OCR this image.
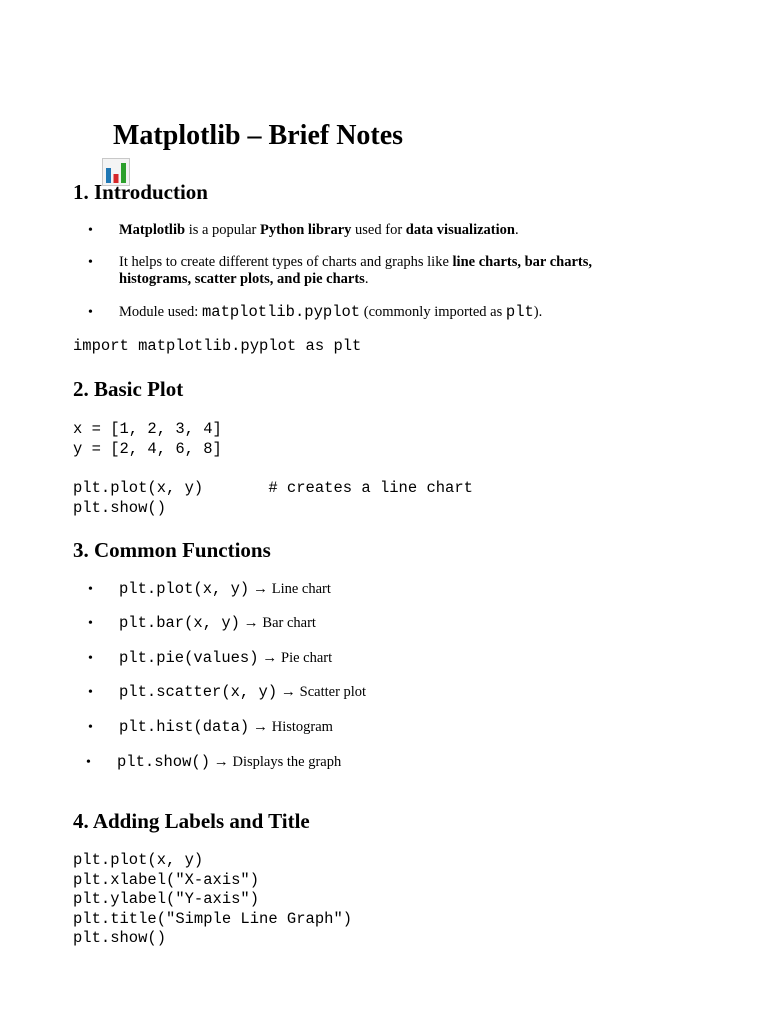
Matplotlib – Brief Notes
1. Introduction
• Matplotlib is a popular Python library used for data visualization.
• It helps to create different types of charts and graphs like line charts, bar charts,
histograms, scatter plots, and pie charts.
• Module used: matplotlib.pyplot (commonly imported as plt).
import matplotlib.pyplot as plt
2. Basic Plot
x = [1, 2, 3, 4]
y = [2, 4, 6, 8]
plt.plot(x, y)       # creates a line chart
plt.show()
3. Common Functions
• plt.plot(x, y) → Line chart
• plt.bar(x, y) → Bar chart
• plt.pie(values) → Pie chart
• plt.scatter(x, y) → Scatter plot
• plt.hist(data) → Histogram
• plt.show() → Displays the graph
4. Adding Labels and Title
plt.plot(x, y)
plt.xlabel("X-axis")
plt.ylabel("Y-axis")
plt.title("Simple Line Graph")
plt.show()
